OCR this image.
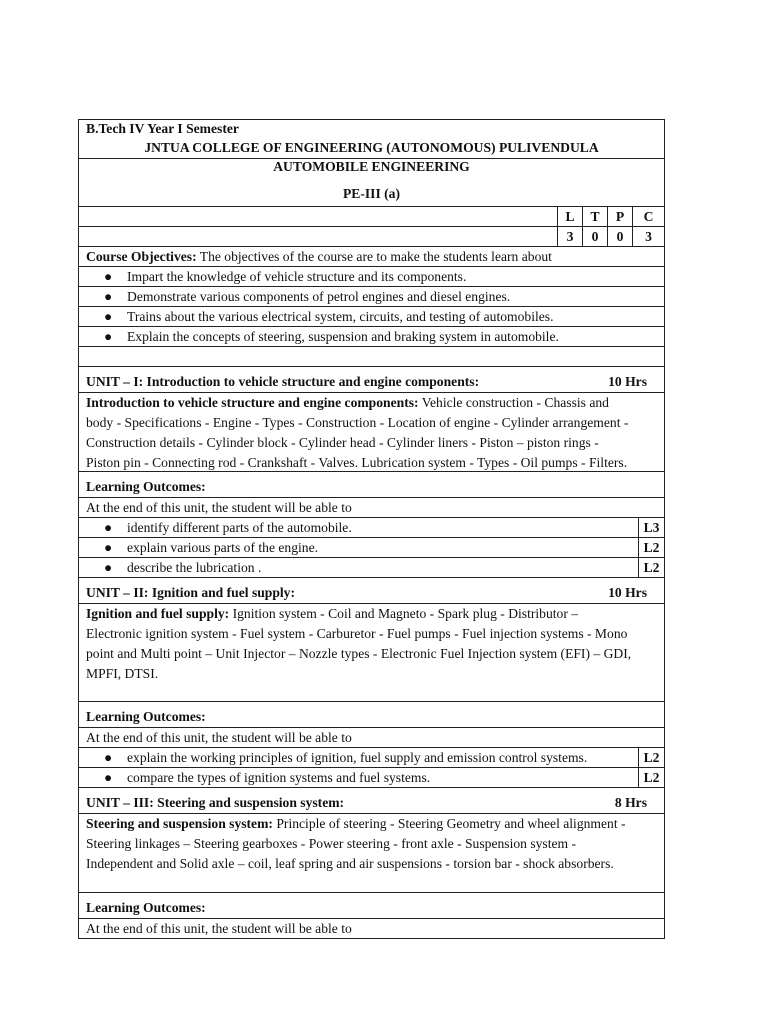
B.Tech IV Year I Semester
JNTUA COLLEGE OF ENGINEERING (AUTONOMOUS) PULIVENDULA
AUTOMOBILE ENGINEERING
PE-III (a)
L	T	P	C
3	0	0	3
Course Objectives: The objectives of the course are to make the students learn about
● Impart the knowledge of vehicle structure and its components.
● Demonstrate various components of petrol engines and diesel engines.
● Trains about the various electrical system, circuits, and testing of automobiles.
● Explain the concepts of steering, suspension and braking system in automobile.
UNIT – I: Introduction to vehicle structure and engine components:	10 Hrs
Introduction to vehicle structure and engine components: Vehicle construction - Chassis and
body - Specifications - Engine - Types - Construction - Location of engine - Cylinder arrangement -
Construction details - Cylinder block - Cylinder head - Cylinder liners - Piston – piston rings -
Piston pin - Connecting rod - Crankshaft - Valves. Lubrication system - Types - Oil pumps - Filters.
Learning Outcomes:
At the end of this unit, the student will be able to
● identify different parts of the automobile.	L3
● explain various parts of the engine.	L2
● describe the lubrication .	L2
UNIT – II: Ignition and fuel supply:	10 Hrs
Ignition and fuel supply: Ignition system - Coil and Magneto - Spark plug - Distributor –
Electronic ignition system - Fuel system - Carburetor - Fuel pumps - Fuel injection systems - Mono
point and Multi point – Unit Injector – Nozzle types - Electronic Fuel Injection system (EFI) – GDI,
MPFI, DTSI.
Learning Outcomes:
At the end of this unit, the student will be able to
● explain the working principles of ignition, fuel supply and emission control systems.	L2
● compare the types of ignition systems and fuel systems.	L2
UNIT – III: Steering and suspension system:	8 Hrs
Steering and suspension system: Principle of steering - Steering Geometry and wheel alignment -
Steering linkages – Steering gearboxes - Power steering - front axle - Suspension system -
Independent and Solid axle – coil, leaf spring and air suspensions - torsion bar - shock absorbers.
Learning Outcomes:
At the end of this unit, the student will be able to
